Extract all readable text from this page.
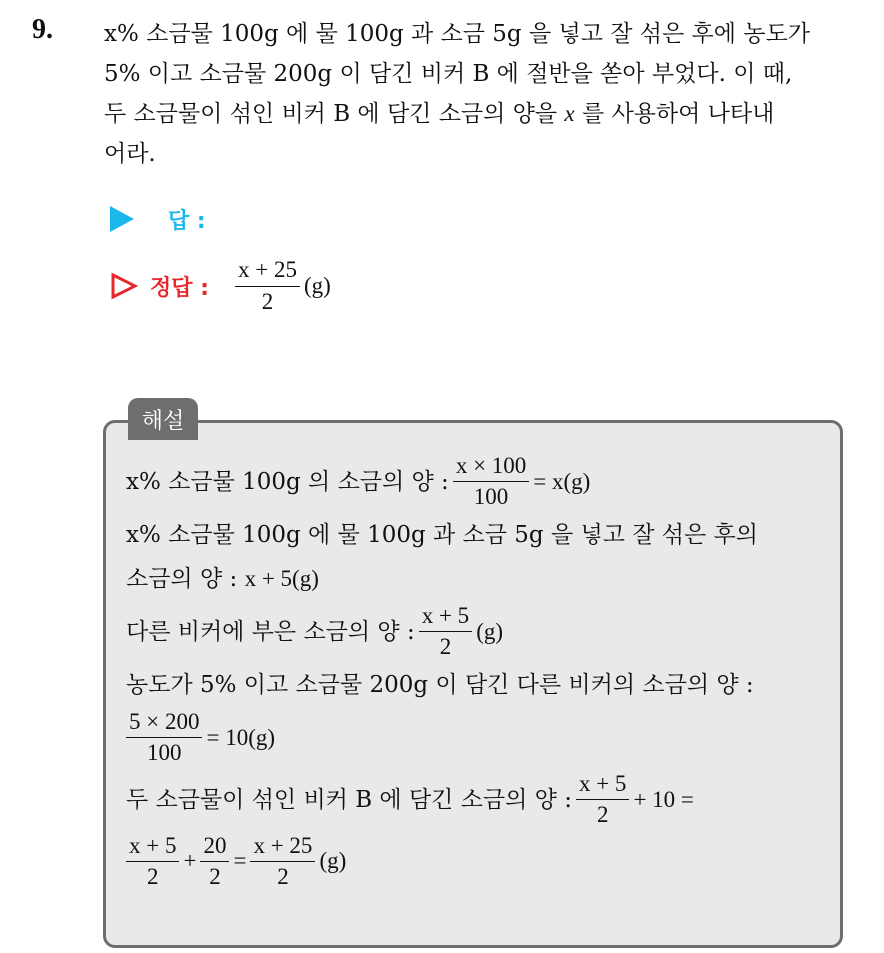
9. x% 소금물 100g 에 물 100g 과 소금 5g 을 넣고 잘 섞은 후에 농도가

5% 이고 소금물 200g 이 담긴 비커 B 에 절반을 쏟아 부었다. 이 때,

두 소금물이 섞인 비커 B 에 담긴 소금의 양을 x 를 사용하여 나타내

어라.

답 :
정답 : $\frac{x + 25}{2} (g)$
해설
x% 소금물 100g 의 소금의 양 : $\frac{x \times 100}{100} = x(g)$
x% 소금물 100g 에 물 100g 과 소금 5g 을 넣고 잘 섞은 후의
소금의 양 :
x + 5(g)
다른 비커에 부은 소금의 양 : $\frac{x + 5}{2} (g)$
농도가 5% 이고 소금물 200g 이 담긴 다른 비커의 소금의 양 :
$\frac{5 \times 200}{100} = 10(g)$
두 소금물이 섞인 비커 B 에 담긴 소금의 양 : $\frac{x + 5}{2} + 10$ =
$\frac{x + 5}{2} + \frac{20}{2} = \frac{x + 25}{2} (g)$
